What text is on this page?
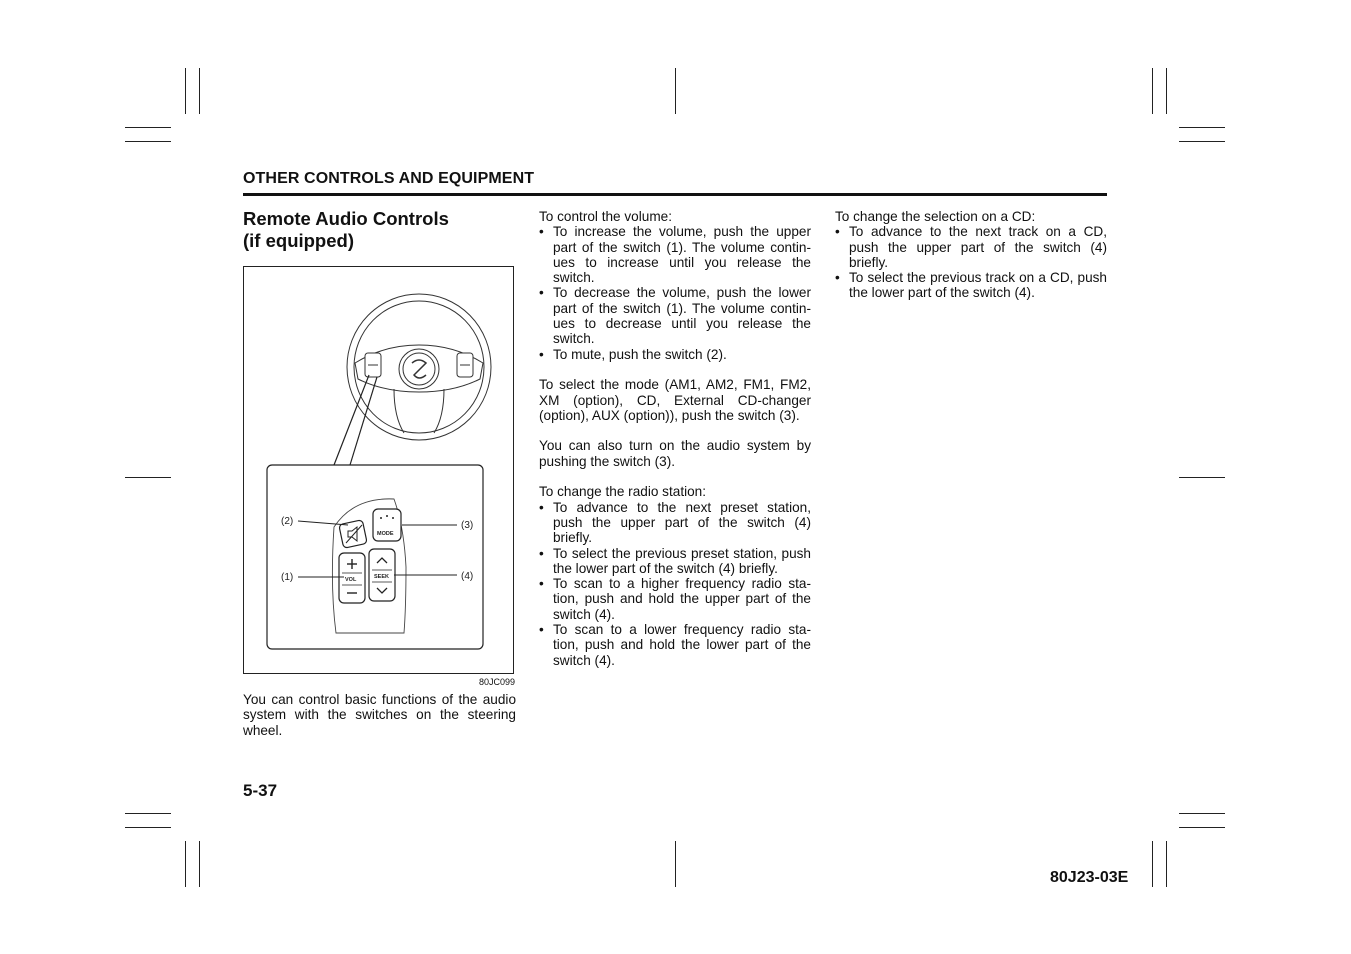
OTHER CONTROLS AND EQUIPMENT
Remote Audio Controls
(if equipped)
MODE
VOL	SEEK
(2)
(1)
(3)
(4)
80JC099

You can control basic functions of the audio system with the switches on the steering wheel.

To control the volume:

• To increase the volume, push the upper part of the switch (1). The volume contin-ues to increase until you release the switch.
• To decrease the volume, push the lower part of the switch (1). The volume contin-ues to decrease until you release the switch.
• To mute, push the switch (2).

To select the mode (AM1, AM2, FM1, FM2, XM (option), CD, External CD-changer (option), AUX (option)), push the switch (3).

You can also turn on the audio system by pushing the switch (3).

To change the radio station:

• To advance to the next preset station, push the upper part of the switch (4) briefly.
• To select the previous preset station, push the lower part of the switch (4) briefly.
• To scan to a higher frequency radio sta-tion, push and hold the upper part of the switch (4).
• To scan to a lower frequency radio sta-tion, push and hold the lower part of the switch (4).

To change the selection on a CD:

• To advance to the next track on a CD, push the upper part of the switch (4) briefly.
• To select the previous track on a CD, push the lower part of the switch (4).
5-37
80J23-03E
